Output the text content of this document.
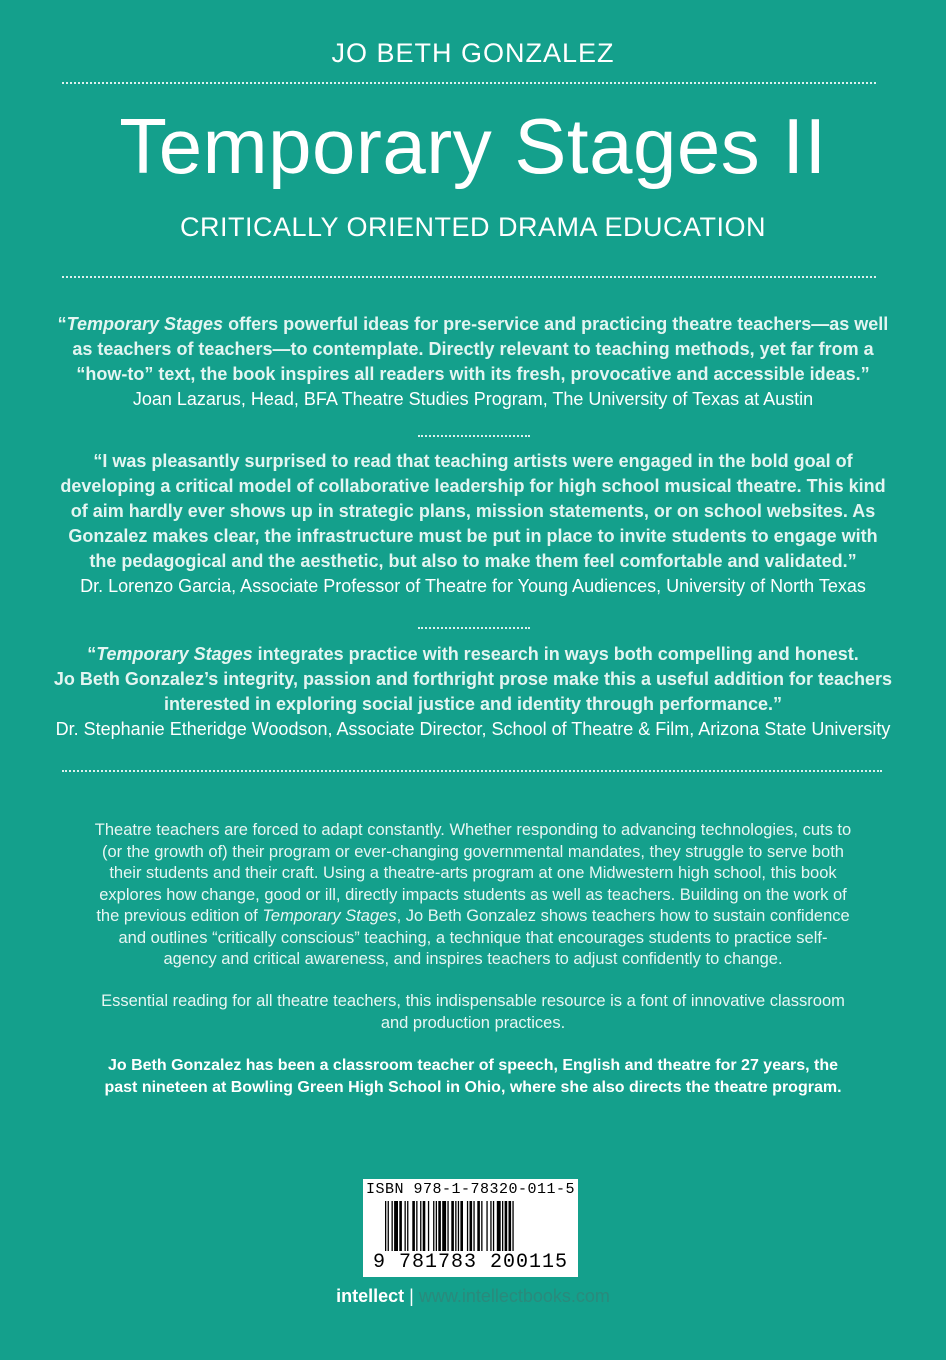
JO BETH GONZALEZ
Temporary Stages II
CRITICALLY ORIENTED DRAMA EDUCATION
“Temporary Stages offers powerful ideas for pre-service and practicing theatre teachers—as well
as teachers of teachers—to contemplate. Directly relevant to teaching methods, yet far from a
“how-to” text, the book inspires all readers with its fresh, provocative and accessible ideas.”
Joan Lazarus, Head, BFA Theatre Studies Program, The University of Texas at Austin
“I was pleasantly surprised to read that teaching artists were engaged in the bold goal of
developing a critical model of collaborative leadership for high school musical theatre. This kind
of aim hardly ever shows up in strategic plans, mission statements, or on school websites. As
Gonzalez makes clear, the infrastructure must be put in place to invite students to engage with
the pedagogical and the aesthetic, but also to make them feel comfortable and validated.”
Dr. Lorenzo Garcia, Associate Professor of Theatre for Young Audiences, University of North Texas
“Temporary Stages integrates practice with research in ways both compelling and honest.
Jo Beth Gonzalez’s integrity, passion and forthright prose make this a useful addition for teachers
interested in exploring social justice and identity through performance.”
Dr. Stephanie Etheridge Woodson, Associate Director, School of Theatre & Film, Arizona State University
Theatre teachers are forced to adapt constantly. Whether responding to advancing technologies, cuts to
(or the growth of) their program or ever-changing governmental mandates, they struggle to serve both
their students and their craft. Using a theatre-arts program at one Midwestern high school, this book
explores how change, good or ill, directly impacts students as well as teachers. Building on the work of
the previous edition of Temporary Stages, Jo Beth Gonzalez shows teachers how to sustain confidence
and outlines “critically conscious” teaching, a technique that encourages students to practice self-
agency and critical awareness, and inspires teachers to adjust confidently to change.
Essential reading for all theatre teachers, this indispensable resource is a font of innovative classroom
and production practices.
Jo Beth Gonzalez has been a classroom teacher of speech, English and theatre for 27 years, the
past nineteen at Bowling Green High School in Ohio, where she also directs the theatre program.
ISBN 978-1-78320-011-5
9 781783 200115
intellect | www.intellectbooks.com
